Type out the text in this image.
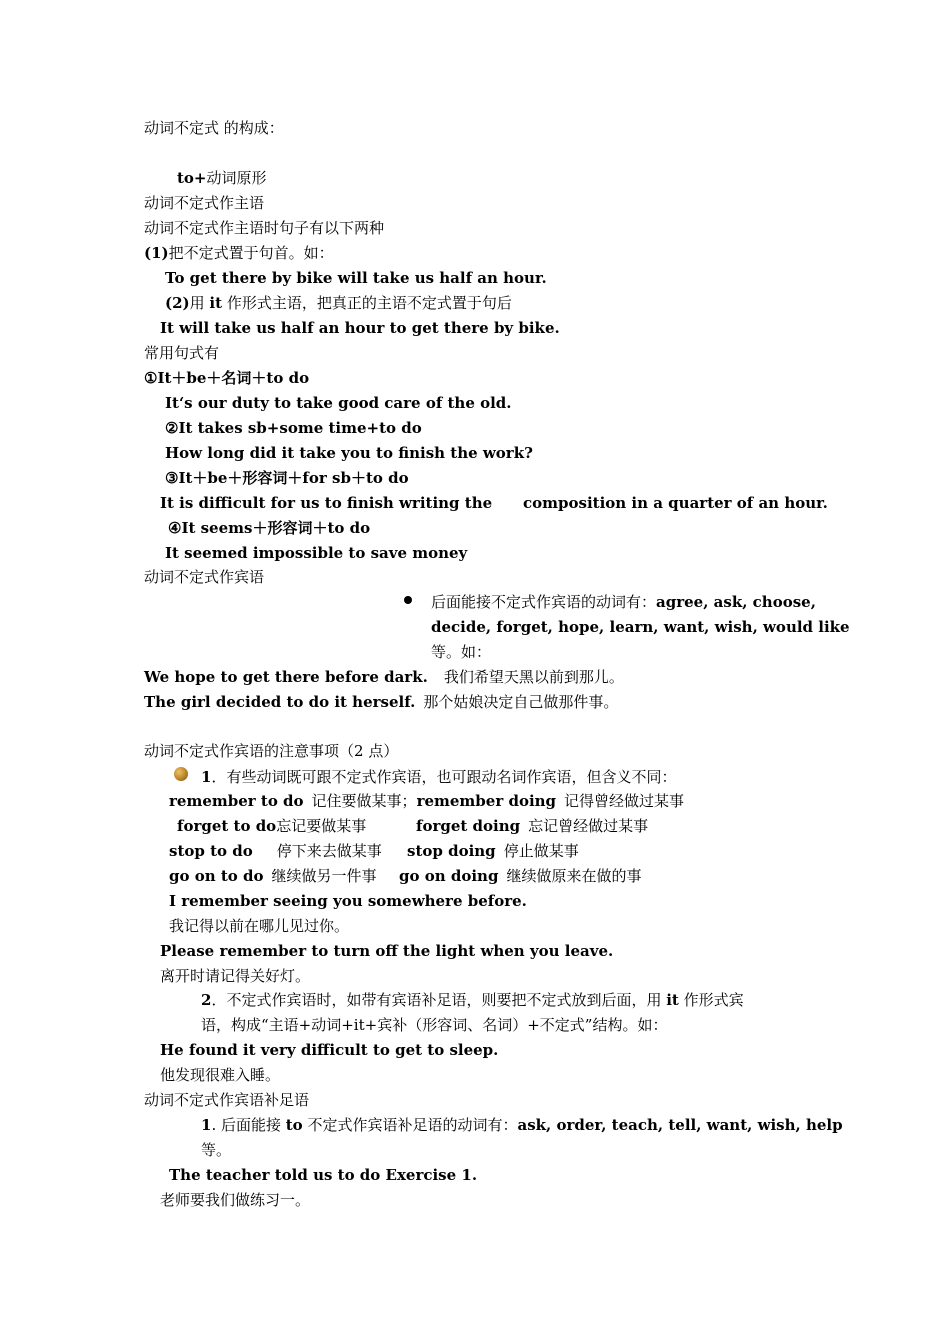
动词不定式 的构成：
to+动词原形
动词不定式作主语
动词不定式作主语时句子有以下两种
(1)把不定式置于句首。如：
To get there by bike will take us half an hour.
(2)用 it 作形式主语，把真正的主语不定式置于句后
It will take us half an hour to get there by bike.
常用句式有
①It＋be＋名词＋to do
It‘s our duty to take good care of the old.
②It takes sb+some time+to do
How long did it take you to finish the work?
③It＋be＋形容词＋for sb＋to do
It is difficult for us to finish writing the composition in a quarter of an hour.
④It seems＋形容词＋to do
It seemed impossible to save money
动词不定式作宾语
后面能接不定式作宾语的动词有：agree, ask, choose,
decide, forget, hope, learn, want, wish, would like
等。如：
We hope to get there before dark. 我们希望天黑以前到那儿。
The girl decided to do it herself. 那个姑娘决定自己做那件事。
动词不定式作宾语的注意事项（2 点）
1．有些动词既可跟不定式作宾语，也可跟动名词作宾语，但含义不同：
remember to do 记住要做某事；remember doing 记得曾经做过某事
forget to do忘记要做某事	forget doing 忘记曾经做过某事
stop to do 停下来去做某事 stop doing 停止做某事
go on to do 继续做另一件事 go on doing 继续做原来在做的事
I remember seeing you somewhere before.
我记得以前在哪儿见过你。
Please remember to turn off the light when you leave.
离开时请记得关好灯。
2．不定式作宾语时，如带有宾语补足语，则要把不定式放到后面，用 it 作形式宾
语，构成“主语+动词+it+宾补（形容词、名词）+不定式”结构。如：
He found it very difficult to get to sleep.
他发现很难入睡。
动词不定式作宾语补足语
1. 后面能接 to 不定式作宾语补足语的动词有：ask, order, teach, tell, want, wish, help
等。
The teacher told us to do Exercise 1.
老师要我们做练习一。
